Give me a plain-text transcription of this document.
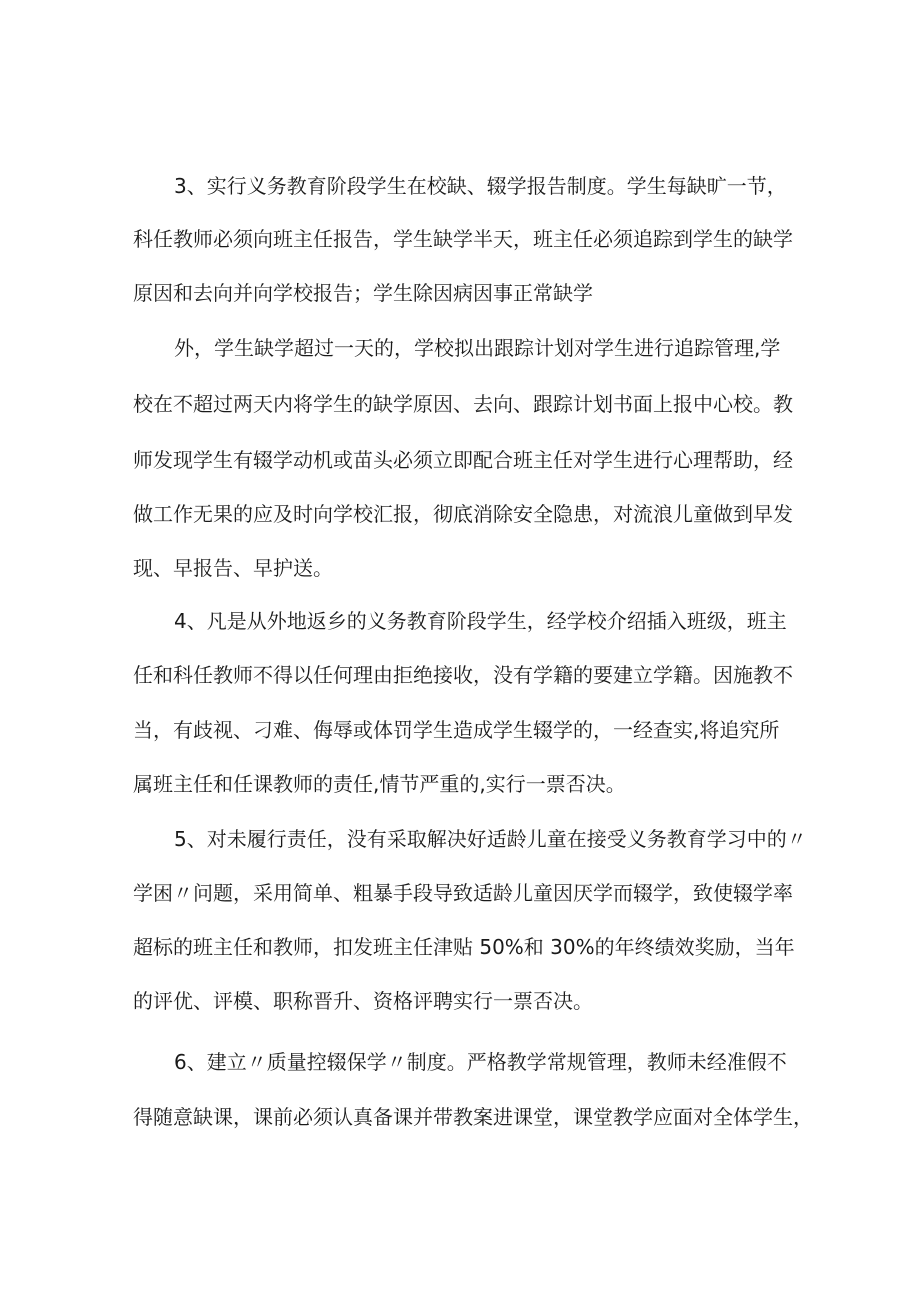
3、实行义务教育阶段学生在校缺、辍学报告制度。学生每缺旷一节，
科任教师必须向班主任报告，学生缺学半天，班主任必须追踪到学生的缺学
原因和去向并向学校报告；学生除因病因事正常缺学
外，学生缺学超过一天的，学校拟出跟踪计划对学生进行追踪管理,学
校在不超过两天内将学生的缺学原因、去向、跟踪计划书面上报中心校。教
师发现学生有辍学动机或苗头必须立即配合班主任对学生进行心理帮助，经
做工作无果的应及时向学校汇报，彻底消除安全隐患，对流浪儿童做到早发
现、早报告、早护送。
4、凡是从外地返乡的义务教育阶段学生，经学校介绍插入班级，班主
任和科任教师不得以任何理由拒绝接收，没有学籍的要建立学籍。因施教不
当，有歧视、刁难、侮辱或体罚学生造成学生辍学的，一经查实,将追究所
属班主任和任课教师的责任,情节严重的,实行一票否决。
5、对未履行责任，没有采取解决好适龄儿童在接受义务教育学习中的〃
学困〃问题，采用简单、粗暴手段导致适龄儿童因厌学而辍学，致使辍学率
超标的班主任和教师，扣发班主任津贴 50%和 30%的年终绩效奖励，当年
的评优、评模、职称晋升、资格评聘实行一票否决。
6、建立〃质量控辍保学〃制度。严格教学常规管理，教师未经准假不
得随意缺课，课前必须认真备课并带教案进课堂，课堂教学应面对全体学生，
